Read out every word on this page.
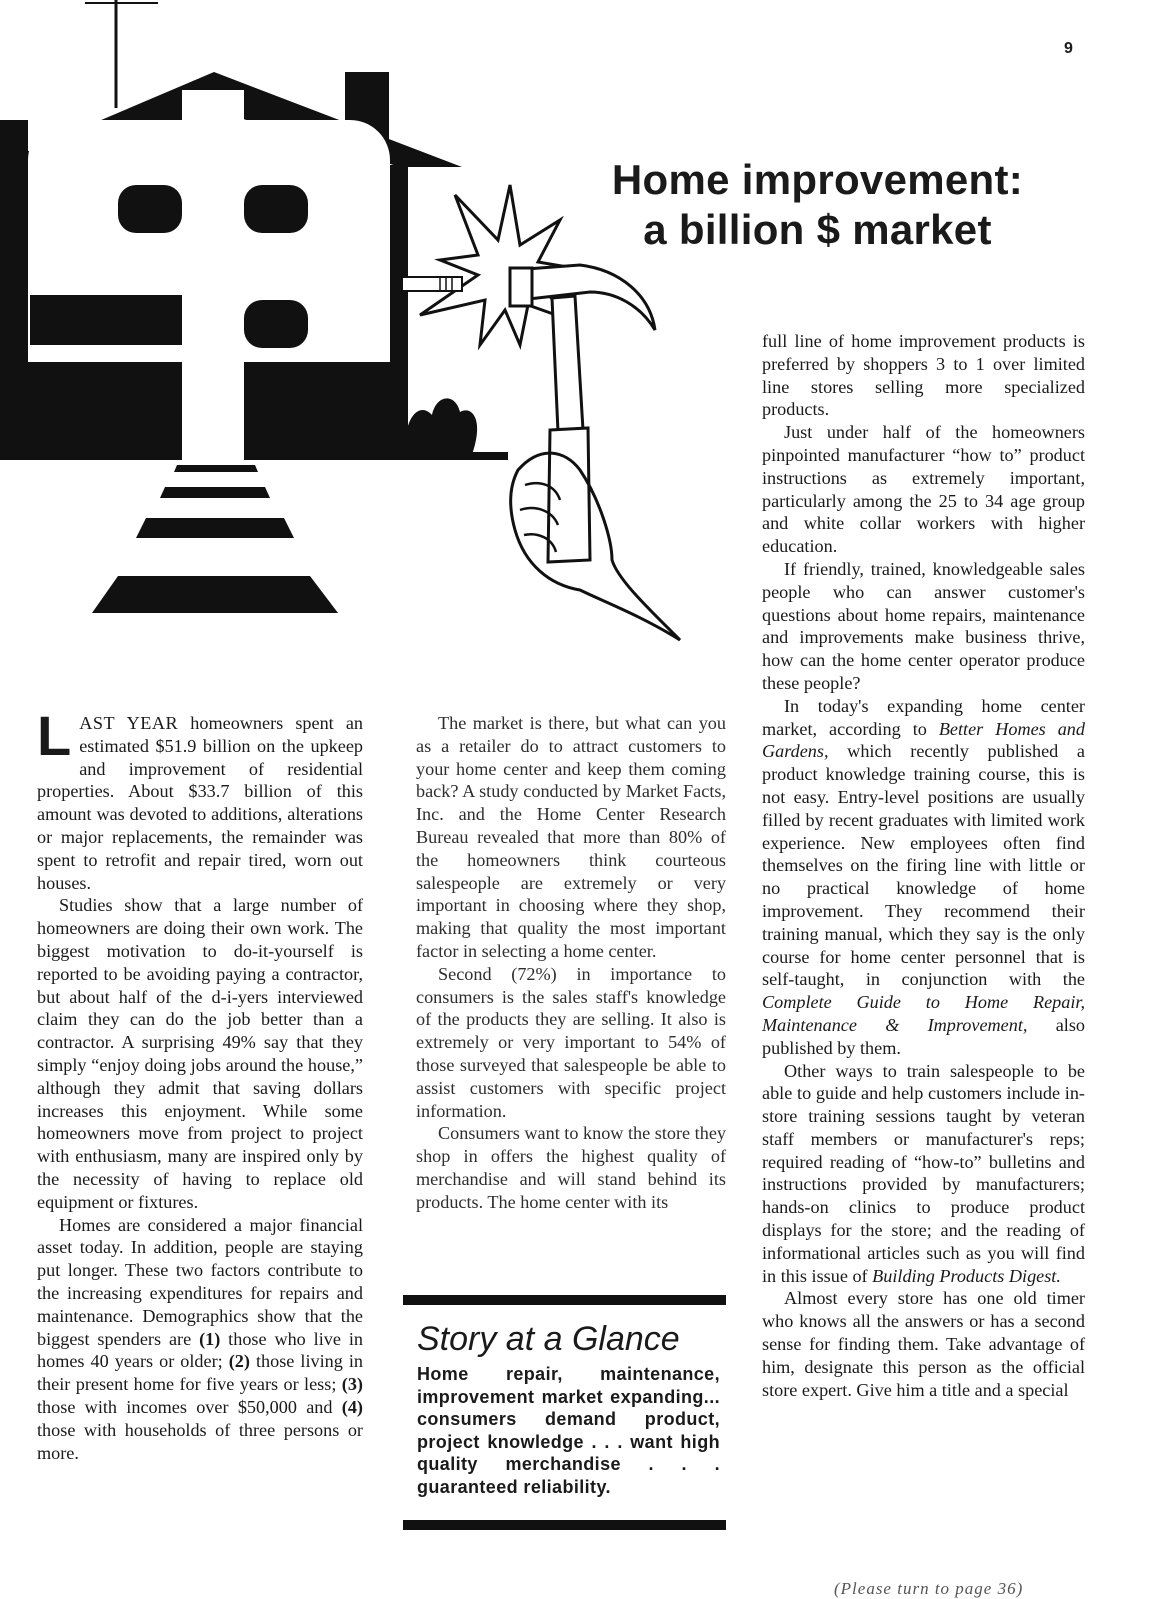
9
Home improvement:
a billion $ market

LAST YEAR homeowners spent an estimated $51.9 billion on the upkeep and improvement of residential properties. About $33.7 billion of this amount was devoted to additions, alterations or major replacements, the remainder was spent to retrofit and repair tired, worn out houses.

Studies show that a large number of homeowners are doing their own work. The biggest motivation to do-it-yourself is reported to be avoiding paying a contractor, but about half of the d-i-yers interviewed claim they can do the job better than a contractor. A surprising 49% say that they simply “enjoy doing jobs around the house,” although they admit that saving dollars increases this enjoyment. While some homeowners move from project to project with enthusiasm, many are inspired only by the necessity of having to replace old equipment or fixtures.

Homes are considered a major financial asset today. In addition, people are staying put longer. These two factors contribute to the increasing expenditures for repairs and maintenance. Demographics show that the biggest spenders are (1) those who live in homes 40 years or older; (2) those living in their present home for five years or less; (3) those with incomes over $50,000 and (4) those with households of three persons or more.

The market is there, but what can you as a retailer do to attract customers to your home center and keep them coming back? A study conducted by Market Facts, Inc. and the Home Center Research Bureau revealed that more than 80% of the homeowners think courteous salespeople are extremely or very important in choosing where they shop, making that quality the most important factor in selecting a home center.

Second (72%) in importance to consumers is the sales staff's knowledge of the products they are selling. It also is extremely or very important to 54% of those surveyed that salespeople be able to assist customers with specific project information.

Consumers want to know the store they shop in offers the highest quality of merchandise and will stand behind its products. The home center with its

Story at a Glance
Home repair, maintenance, improvement market expanding... consumers demand product, project knowledge . . . want high quality merchandise . . . guaranteed reliability.

full line of home improvement products is preferred by shoppers 3 to 1 over limited line stores selling more specialized products.

Just under half of the homeowners pinpointed manufacturer “how to” product instructions as extremely important, particularly among the 25 to 34 age group and white collar workers with higher education.

If friendly, trained, knowledgeable sales people who can answer customer's questions about home repairs, maintenance and improvements make business thrive, how can the home center operator produce these people?

In today's expanding home center market, according to Better Homes and Gardens, which recently published a product knowledge training course, this is not easy. Entry-level positions are usually filled by recent graduates with limited work experience. New employees often find themselves on the firing line with little or no practical knowledge of home improvement. They recommend their training manual, which they say is the only course for home center personnel that is self-taught, in conjunction with the Complete Guide to Home Repair, Maintenance & Improvement, also published by them.

Other ways to train salespeople to be able to guide and help customers include in-store training sessions taught by veteran staff members or manufacturer's reps; required reading of “how-to” bulletins and instructions provided by manufacturers; hands-on clinics to produce product displays for the store; and the reading of informational articles such as you will find in this issue of Building Products Digest.

Almost every store has one old timer who knows all the answers or has a second sense for finding them. Take advantage of him, designate this person as the official store expert. Give him a title and a special

(Please turn to page 36)
